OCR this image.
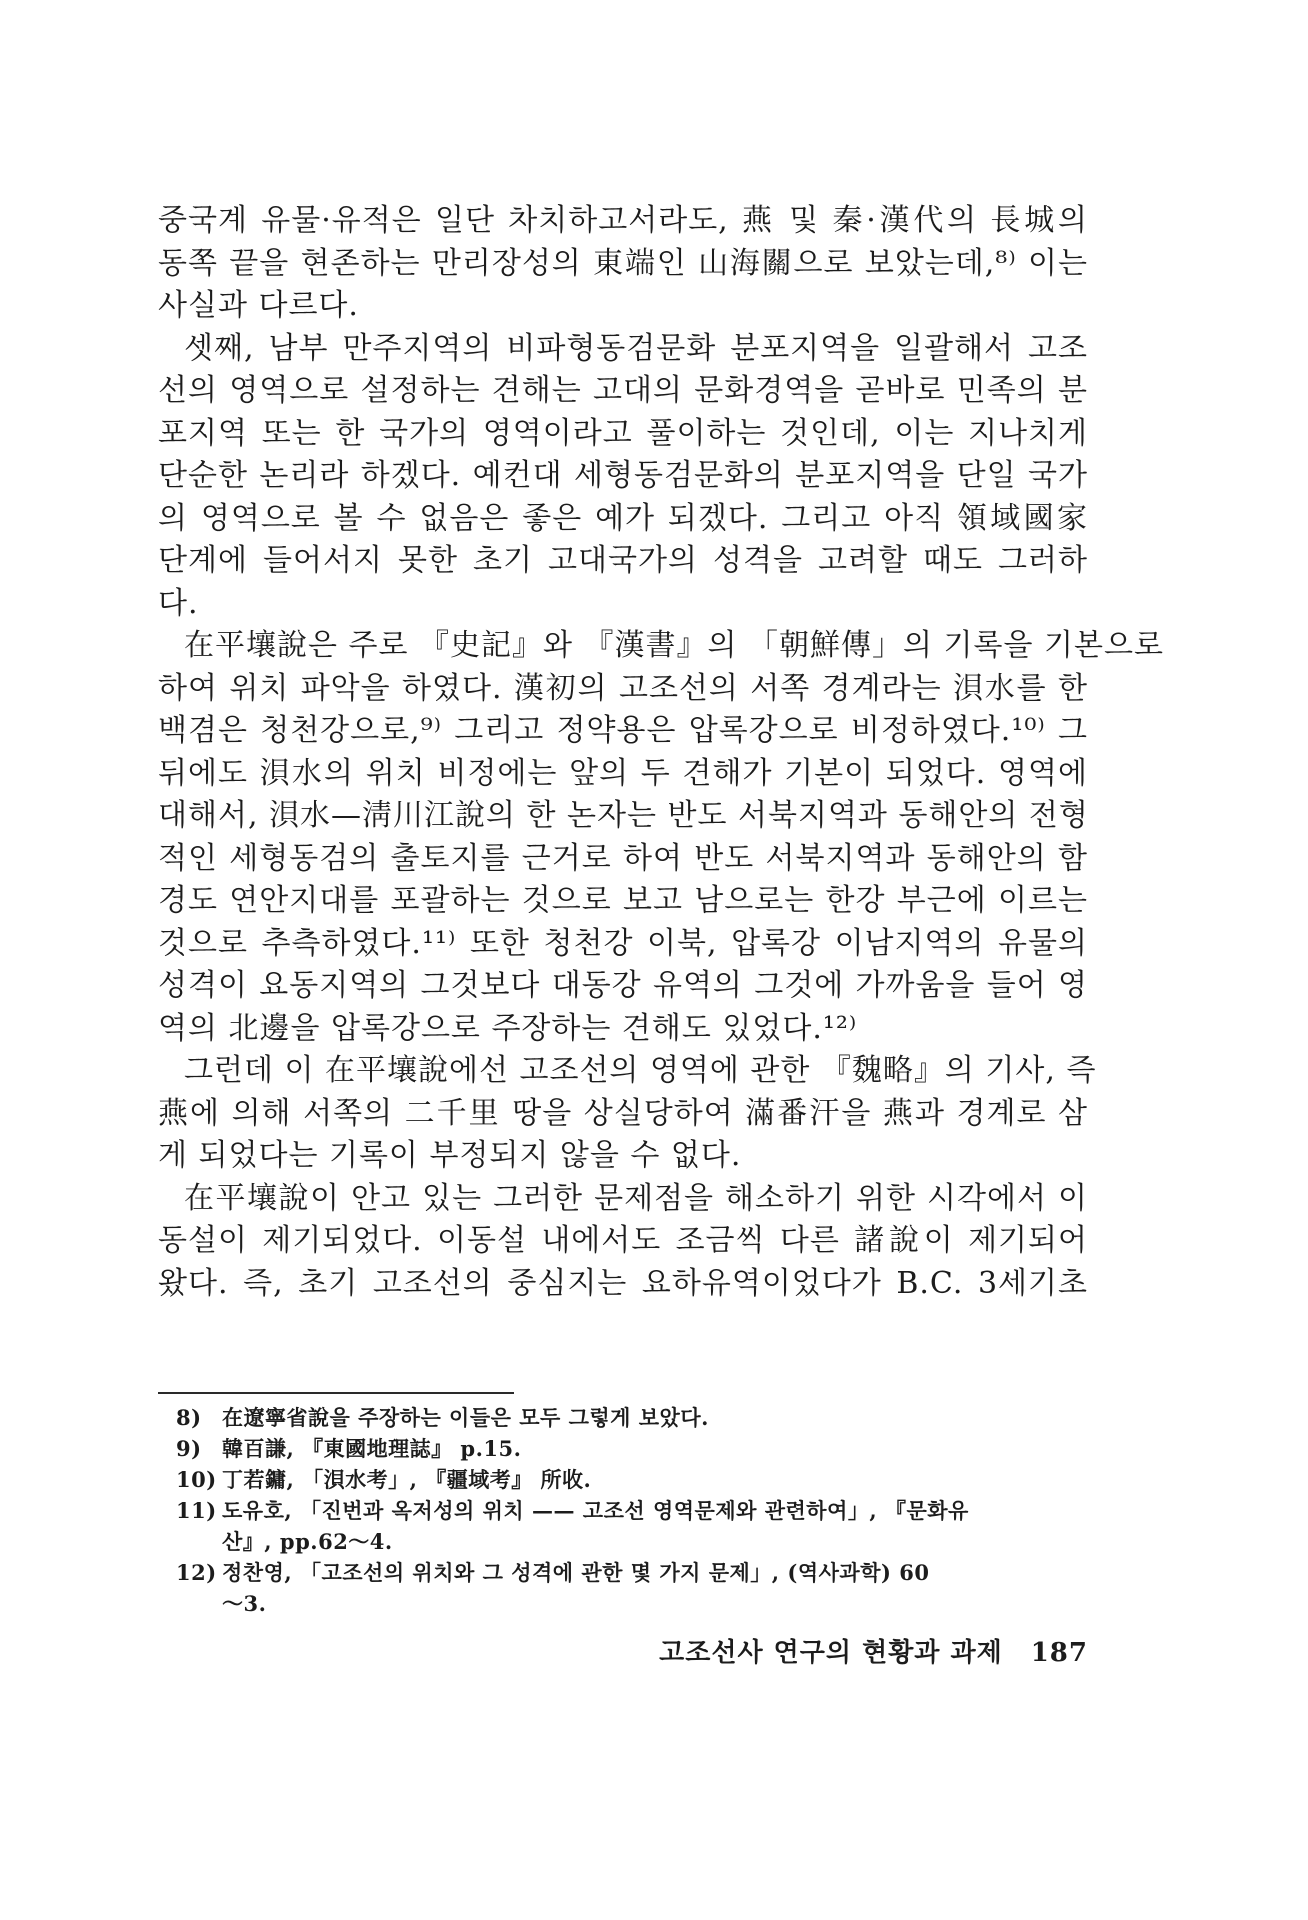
중국계 유물·유적은 일단 차치하고서라도, 燕 및 秦·漢代의 長城의
동쪽 끝을 현존하는 만리장성의 東端인 山海關으로 보았는데,⁸⁾ 이는
사실과 다르다.
셋째, 남부 만주지역의 비파형동검문화 분포지역을 일괄해서 고조
선의 영역으로 설정하는 견해는 고대의 문화경역을 곧바로 민족의 분
포지역 또는 한 국가의 영역이라고 풀이하는 것인데, 이는 지나치게
단순한 논리라 하겠다. 예컨대 세형동검문화의 분포지역을 단일 국가
의 영역으로 볼 수 없음은 좋은 예가 되겠다. 그리고 아직 領域國家
단계에 들어서지 못한 초기 고대국가의 성격을 고려할 때도 그러하
다.
在平壤說은 주로 『史記』와 『漢書』의 「朝鮮傳」의 기록을 기본으로
하여 위치 파악을 하였다. 漢初의 고조선의 서쪽 경계라는 浿水를 한
백겸은 청천강으로,⁹⁾ 그리고 정약용은 압록강으로 비정하였다.¹⁰⁾ 그
뒤에도 浿水의 위치 비정에는 앞의 두 견해가 기본이 되었다. 영역에
대해서, 浿水—淸川江說의 한 논자는 반도 서북지역과 동해안의 전형
적인 세형동검의 출토지를 근거로 하여 반도 서북지역과 동해안의 함
경도 연안지대를 포괄하는 것으로 보고 남으로는 한강 부근에 이르는
것으로 추측하였다.¹¹⁾ 또한 청천강 이북, 압록강 이남지역의 유물의
성격이 요동지역의 그것보다 대동강 유역의 그것에 가까움을 들어 영
역의 北邊을 압록강으로 주장하는 견해도 있었다.¹²⁾
그런데 이 在平壤說에선 고조선의 영역에 관한 『魏略』의 기사, 즉
燕에 의해 서쪽의 二千里 땅을 상실당하여 滿番汗을 燕과 경계로 삼
게 되었다는 기록이 부정되지 않을 수 없다.
在平壤說이 안고 있는 그러한 문제점을 해소하기 위한 시각에서 이
동설이 제기되었다. 이동설 내에서도 조금씩 다른 諸說이 제기되어
왔다. 즉, 초기 고조선의 중심지는 요하유역이었다가 B.C. 3세기초
8) 在遼寧省說을 주장하는 이들은 모두 그렇게 보았다.
9) 韓百謙, 『東國地理誌』 p.15.
10) 丁若鏞, 「浿水考」, 『疆域考』 所收.
11) 도유호, 「진번과 옥저성의 위치 —— 고조선 영역문제와 관련하여」, 『문화유
산』, pp.62〜4.
12) 정찬영, 「고조선의 위치와 그 성격에 관한 몇 가지 문제」, (역사과학) 60
〜3.
고조선사 연구의 현황과 과제 187
